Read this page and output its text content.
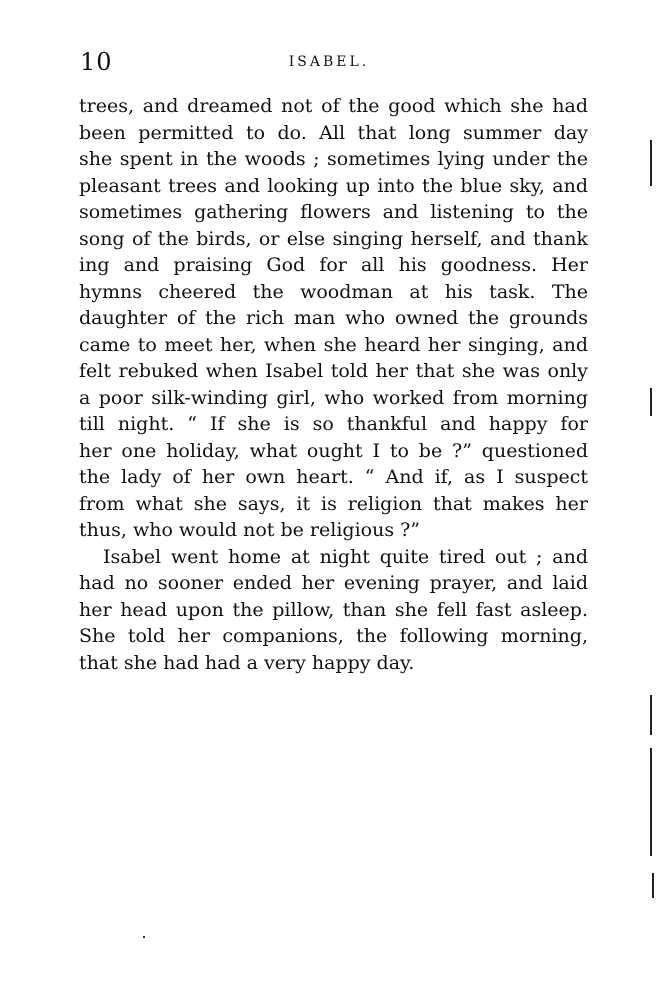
10	ISABEL.
trees, and dreamed not of the good which she had
been permitted to do. All that long summer day
she spent in the woods ; sometimes lying under the
pleasant trees and looking up into the blue sky, and
sometimes gathering flowers and listening to the
song of the birds, or else singing herself, and thank
ing and praising God for all his goodness. Her
hymns cheered the woodman at his task. The
daughter of the rich man who owned the grounds
came to meet her, when she heard her singing, and
felt rebuked when Isabel told her that she was only
a poor silk-winding girl, who worked from morning
till night. “ If she is so thankful and happy for
her one holiday, what ought I to be ?” questioned
the lady of her own heart. “ And if, as I suspect
from what she says, it is religion that makes her
thus, who would not be religious ?”
Isabel went home at night quite tired out ; and
had no sooner ended her evening prayer, and laid
her head upon the pillow, than she fell fast asleep.
She told her companions, the following morning,
that she had had a very happy day.
